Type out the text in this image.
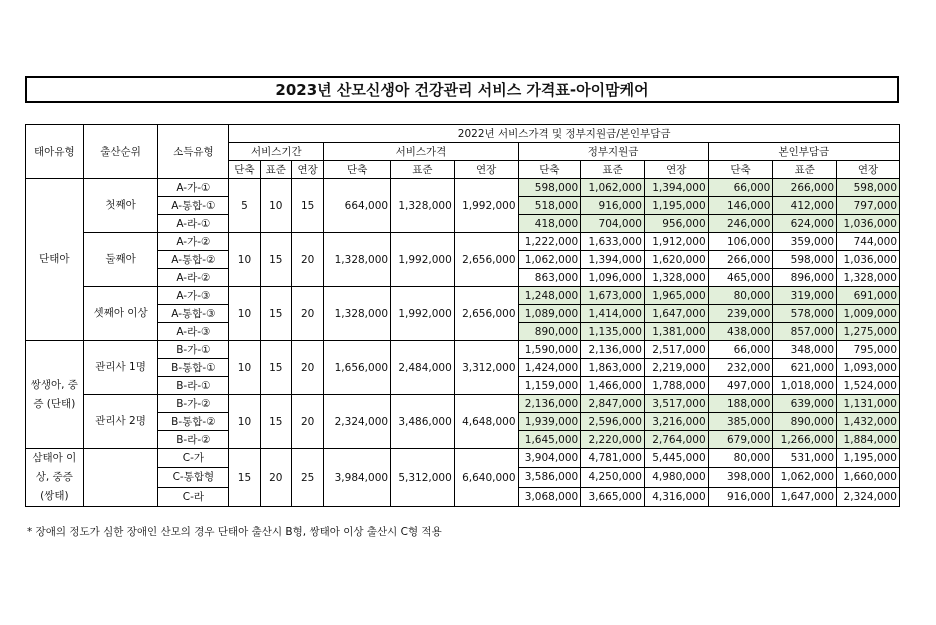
2023년 산모신생아 건강관리 서비스 가격표-아이맘케어
태아유형	출산순위	소득유형	2022년 서비스가격 및 정부지원금/본인부담금											
			서비스기간			서비스가격			정부지원금			본인부담금		
			단축	표준	연장	단축	표준	연장	단축	표준	연장	단축	표준	연장
단태아	첫째아	A-가-①	5	10	15	664,000	1,328,000	1,992,000	598,000	1,062,000	1,394,000	66,000	266,000	598,000
		A-통합-①							518,000	916,000	1,195,000	146,000	412,000	797,000
		A-라-①							418,000	704,000	956,000	246,000	624,000	1,036,000
	둘째아	A-가-②	10	15	20	1,328,000	1,992,000	2,656,000	1,222,000	1,633,000	1,912,000	106,000	359,000	744,000
		A-통합-②							1,062,000	1,394,000	1,620,000	266,000	598,000	1,036,000
		A-라-②							863,000	1,096,000	1,328,000	465,000	896,000	1,328,000
	셋째아 이상	A-가-③	10	15	20	1,328,000	1,992,000	2,656,000	1,248,000	1,673,000	1,965,000	80,000	319,000	691,000
		A-통합-③							1,089,000	1,414,000	1,647,000	239,000	578,000	1,009,000
		A-라-③							890,000	1,135,000	1,381,000	438,000	857,000	1,275,000
쌍생아, 중증 (단태)	관리사 1명	B-가-①	10	15	20	1,656,000	2,484,000	3,312,000	1,590,000	2,136,000	2,517,000	66,000	348,000	795,000
		B-통합-①							1,424,000	1,863,000	2,219,000	232,000	621,000	1,093,000
		B-라-①							1,159,000	1,466,000	1,788,000	497,000	1,018,000	1,524,000
	관리사 2명	B-가-②	10	15	20	2,324,000	3,486,000	4,648,000	2,136,000	2,847,000	3,517,000	188,000	639,000	1,131,000
		B-통합-②							1,939,000	2,596,000	3,216,000	385,000	890,000	1,432,000
		B-라-②							1,645,000	2,220,000	2,764,000	679,000	1,266,000	1,884,000
삼태아 이상, 중증(쌍태)		C-가	15	20	25	3,984,000	5,312,000	6,640,000	3,904,000	4,781,000	5,445,000	80,000	531,000	1,195,000
		C-통합형							3,586,000	4,250,000	4,980,000	398,000	1,062,000	1,660,000
		C-라							3,068,000	3,665,000	4,316,000	916,000	1,647,000	2,324,000
* 장애의 정도가 심한 장애인 산모의 경우 단태아 출산시 B형, 쌍태아 이상 출산시 C형 적용
